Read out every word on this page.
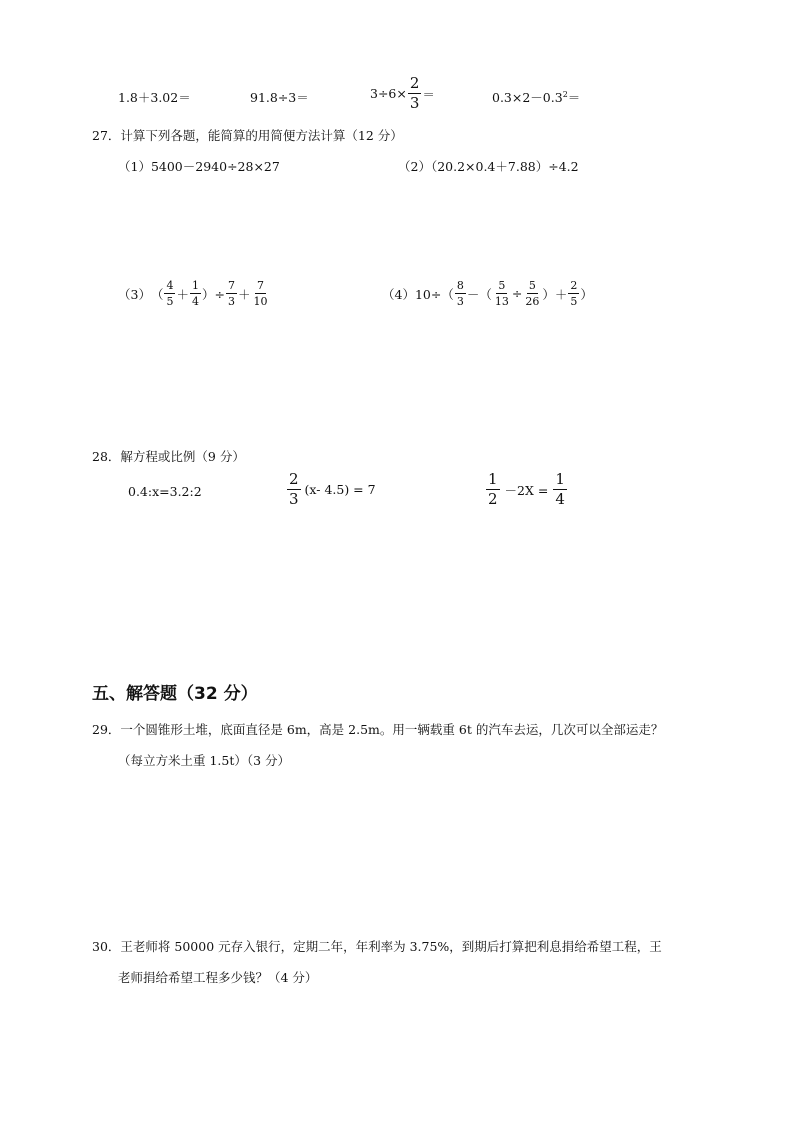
1.8＋3.02＝	91.8÷3＝	$3\div 6\times \frac{2}{3}$ ＝	$0.3\times 2-0.3^2=$
27．计算下列各题，能简算的用简便方法计算（12 分）
（1）5400－2940÷28×27	（2）（20.2×0.4＋7.88）÷4.2
（3） （ $\frac{4}{5} + \frac{1}{4}$ ）÷ $\frac{7}{3} + \frac{7}{10}$	$(4)10\div( \frac{8}{3}$ －（ $\frac{5}{13} \div \frac{5}{26}$ ）＋ $\frac{2}{5}$ ）
28．解方程或比例（9 分）
0.4:x=3.2:2	$\frac{2}{3} (x-$ 4.5) = 7	$\frac{1}{2} -2X = \frac{1}{4}$
五、解答题（32 分）
29．一个圆锥形土堆，底面直径是 6m，高是 2.5m。用一辆载重 6t 的汽车去运，几次可以全部运走？
（每立方米土重 1.5t）（3 分）
30．王老师将 50000 元存入银行，定期二年，年利率为 3.75%，到期后打算把利息捐给希望工程，王
老师捐给希望工程多少钱？（4 分）
